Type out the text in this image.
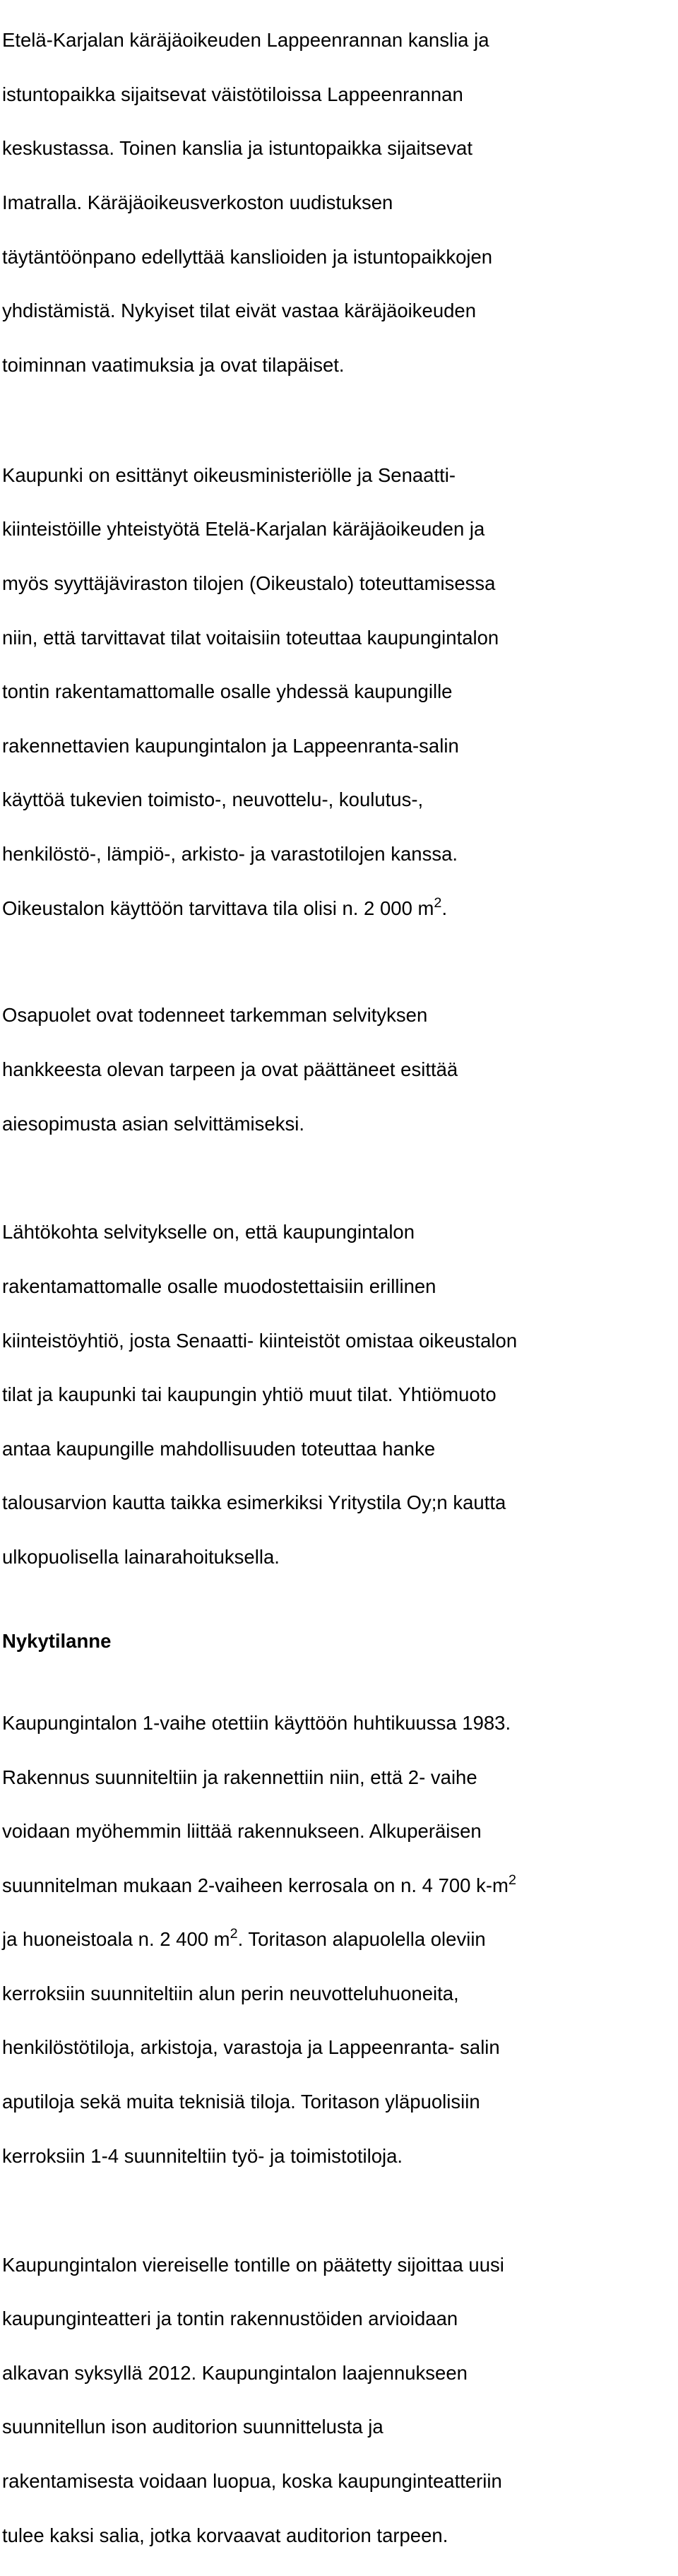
Etelä-Karjalan käräjäoikeuden Lappeenrannan kanslia ja

istuntopaikka sijaitsevat väistötiloissa Lappeenrannan

keskustassa. Toinen kanslia ja istuntopaikka sijaitsevat

Imatralla. Käräjäoikeusverkoston uudistuksen

täytäntöönpano edellyttää kanslioiden ja istuntopaikkojen

yhdistämistä. Nykyiset tilat eivät vastaa käräjäoikeuden

toiminnan vaatimuksia ja ovat tilapäiset.

Kaupunki on esittänyt oikeusministeriölle ja Senaatti-

kiinteistöille yhteistyötä Etelä-Karjalan käräjäoikeuden ja

myös syyttäjäviraston tilojen (Oikeustalo) toteuttamisessa

niin, että tarvittavat tilat voitaisiin toteuttaa kaupungintalon

tontin rakentamattomalle osalle yhdessä kaupungille

rakennettavien kaupungintalon ja Lappeenranta-salin

käyttöä tukevien toimisto-, neuvottelu-, koulutus-,

henkilöstö-, lämpiö-, arkisto- ja varastotilojen kanssa.

Oikeustalon käyttöön tarvittava tila olisi n. 2 000 $m^2$.

Osapuolet ovat todenneet tarkemman selvityksen

hankkeesta olevan tarpeen ja ovat päättäneet esittää

aiesopimusta asian selvittämiseksi.

Lähtökohta selvitykselle on, että kaupungintalon

rakentamattomalle osalle muodostettaisiin erillinen

kiinteistöyhtiö, josta Senaatti- kiinteistöt omistaa oikeustalon

tilat ja kaupunki tai kaupungin yhtiö muut tilat. Yhtiömuoto

antaa kaupungille mahdollisuuden toteuttaa hanke

talousarvion kautta taikka esimerkiksi Yritystila Oy;n kautta

ulkopuolisella lainarahoituksella.

Nykytilanne

Kaupungintalon 1-vaihe otettiin käyttöön huhtikuussa 1983.

Rakennus suunniteltiin ja rakennettiin niin, että 2- vaihe

voidaan myöhemmin liittää rakennukseen. Alkuperäisen

suunnitelman mukaan 2-vaiheen kerrosala on n. 4 700 $k-m^2$

ja huoneistoala n. 2 400 $m^2$. Toritason alapuolella oleviin

kerroksiin suunniteltiin alun perin neuvotteluhuoneita,

henkilöstötiloja, arkistoja, varastoja ja Lappeenranta- salin

aputiloja sekä muita teknisiä tiloja. Toritason yläpuolisiin

kerroksiin 1-4 suunniteltiin työ- ja toimistotiloja.

Kaupungintalon viereiselle tontille on päätetty sijoittaa uusi

kaupunginteatteri ja tontin rakennustöiden arvioidaan

alkavan syksyllä 2012. Kaupungintalon laajennukseen

suunnitellun ison auditorion suunnittelusta ja

rakentamisesta voidaan luopua, koska kaupunginteatteriin

tulee kaksi salia, jotka korvaavat auditorion tarpeen.
